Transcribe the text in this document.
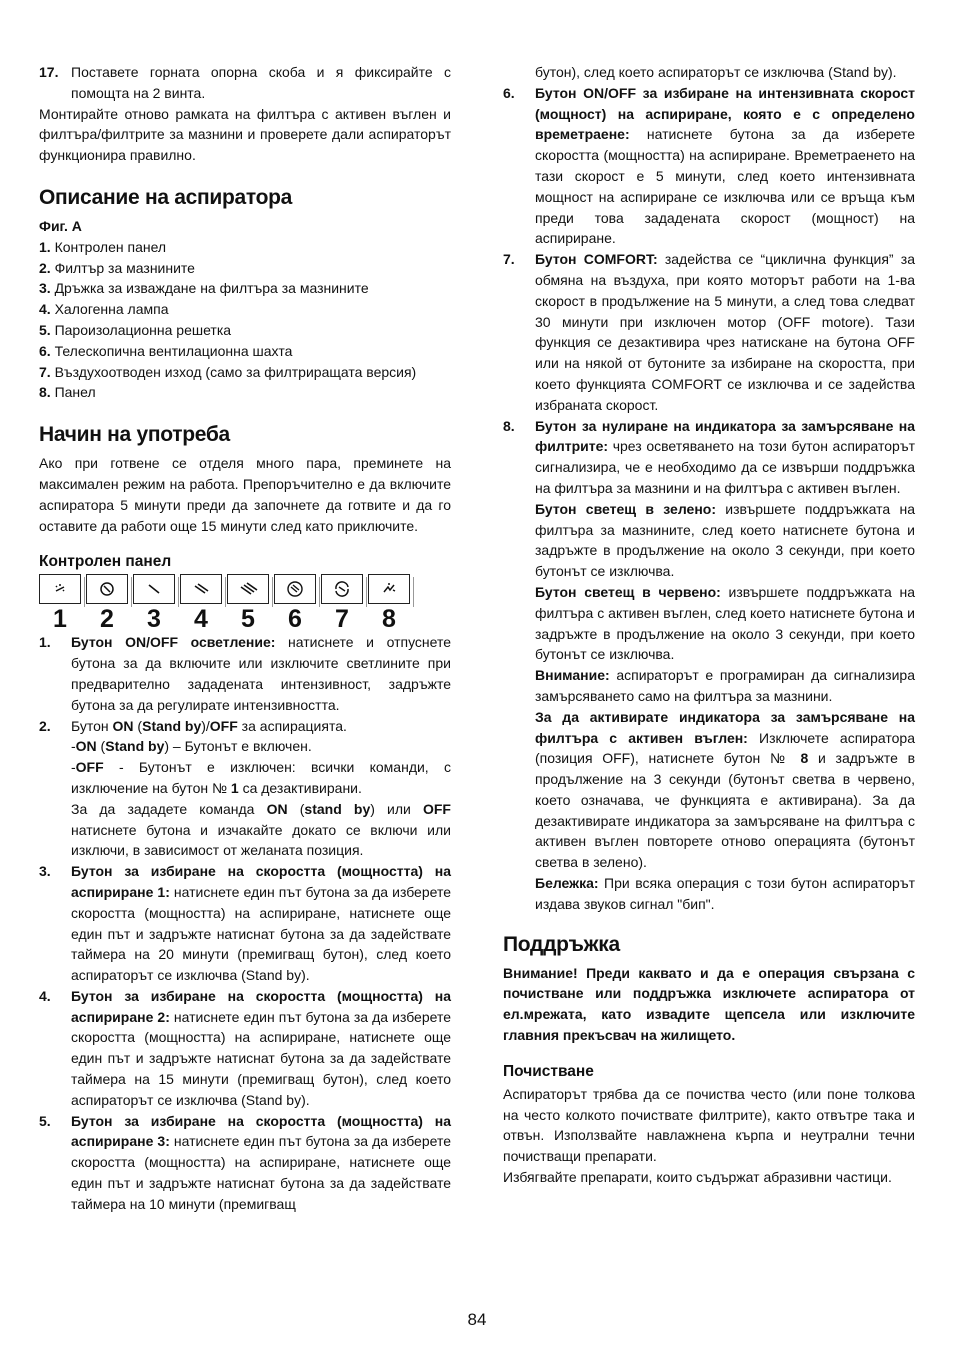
17. Поставете горната опорна скоба и я фиксирайте с помощта на 2 винта.

Монтирайте отново рамката на филтъра с активен въглен и филтъра/филтрите за мазнини и проверете дали аспираторът функционира правилно.

Описание на аспиратора
Фиг. А
1. Контролен панел
2. Филтър за мазнините
3. Дръжка за изваждане на филтъра за мазнините
4. Халогенна лампа
5. Пароизолационна решетка
6. Телескопична вентилационна шахта
7. Въздухоотводен изход (само за филтриращата версия)
8. Панел
Начин на употреба

Ако при готвене се отделя много пара, преминете на максимален режим на работа. Препоръчително е да включите аспиратора 5 минути преди да започнете да готвите и да го оставите да работи още 15 минути след като приключите.

Контролен панел
1	2	3	4	5	6	7	8
1. Бутон ON/OFF осветление: натиснете и отпуснете бутона за да включите или изключите светлините при предварително зададената интензивност, задръжте бутона за да регулирате интензивността.
2. Бутон ON (Stand by)/OFF за аспирацията.
-ON (Stand by) – Бутонът е включен.
-OFF - Бутонът е изключен: всички команди, с изключение на бутон № 1 са дезактивирани.
За да зададете команда ON (stand by) или OFF натиснете бутона и изчакайте докато се включи или изключи, в зависимост от желаната позиция.
3. Бутон за избиране на скоростта (мощността) на аспириране 1: натиснете един път бутона за да изберете скоростта (мощността) на аспириране, натиснете още един път и задръжте натиснат бутона за да задействате таймера на 20 минути (премигващ бутон), след което аспираторът се изключва (Stand by).
4. Бутон за избиране на скоростта (мощността) на аспириране 2: натиснете един път бутона за да изберете скоростта (мощността) на аспириране, натиснете още един път и задръжте натиснат бутона за да задействате таймера на 15 минути (премигващ бутон), след което аспираторът се изключва (Stand by).
5. Бутон за избиране на скоростта (мощността) на аспириране 3: натиснете един път бутона за да изберете скоростта (мощността) на аспириране, натиснете още един път и задръжте натиснат бутона за да задействате таймера на 10 минути (премигващ
бутон), след което аспираторът се изключва (Stand by).
6. Бутон ON/OFF за избиране на интензивната скорост (мощност) на аспириране, която е с определено времетраене: натиснете бутона за да изберете скоростта (мощността) на аспириране. Времетраенето на тази скорост е 5 минути, след което интензивната мощност на аспириране се изключва или се връща към преди това зададената скорост (мощност) на аспириране.
7. Бутон COMFORT: задейства се “циклична функция” за обмяна на въздуха, при която моторът работи на 1-ва скорост в продължение на 5 минути, а след това следват 30 минути при изключен мотор (OFF motore). Тази функция се дезактивира чрез натискане на бутона OFF или на някой от бутоните за избиране на скоростта, при което функцията COMFORT се изключва и се задейства избраната скорост.
8. Бутон за нулиране на индикатора за замърсяване на филтрите: чрез осветяването на този бутон аспираторът сигнализира, че е необходимо да се извърши поддръжка на филтъра за мазнини и на филтъра с активен въглен.
Бутон светещ в зелено: извършете поддръжката на филтъра за мазнините, след което натиснете бутона и задръжте в продължение на около 3 секунди, при което бутонът се изключва.
Бутон светещ в червено: извършете поддръжката на филтъра с активен въглен, след което натиснете бутона и задръжте в продължение на около 3 секунди, при което бутонът се изключва.
Внимание: аспираторът е програмиран да сигнализира замърсяването само на филтъра за мазнини.
За да активирате индикатора за замърсяване на филтъра с активен въглен: Изключете аспиратора (позиция OFF), натиснете бутон № 8 и задръжте в продължение на 3 секунди (бутонът светва в червено, което означава, че функцията е активирана). За да дезактивирате индикатора за замърсяване на филтъра с активен въглен повторете отново операцията (бутонът светва в зелено).
Бележка: При всяка операция с този бутон аспираторът издава звуков сигнал "бип".
Поддръжка

Внимание! Преди каквато и да е операция свързана с почистване или поддръжка изключете аспиратора от ел.мрежата, като извадите щепсела или изключите главния прекъсвач на жилището.

Почистване

Аспираторът трябва да се почиства често (или поне толкова на често колкото почиствате филтрите), както отвътре така и отвън. Използвайте навлажнена кърпа и неутрални течни почистващи препарати.

Избягвайте препарати, които съдържат абразивни частици.

84
